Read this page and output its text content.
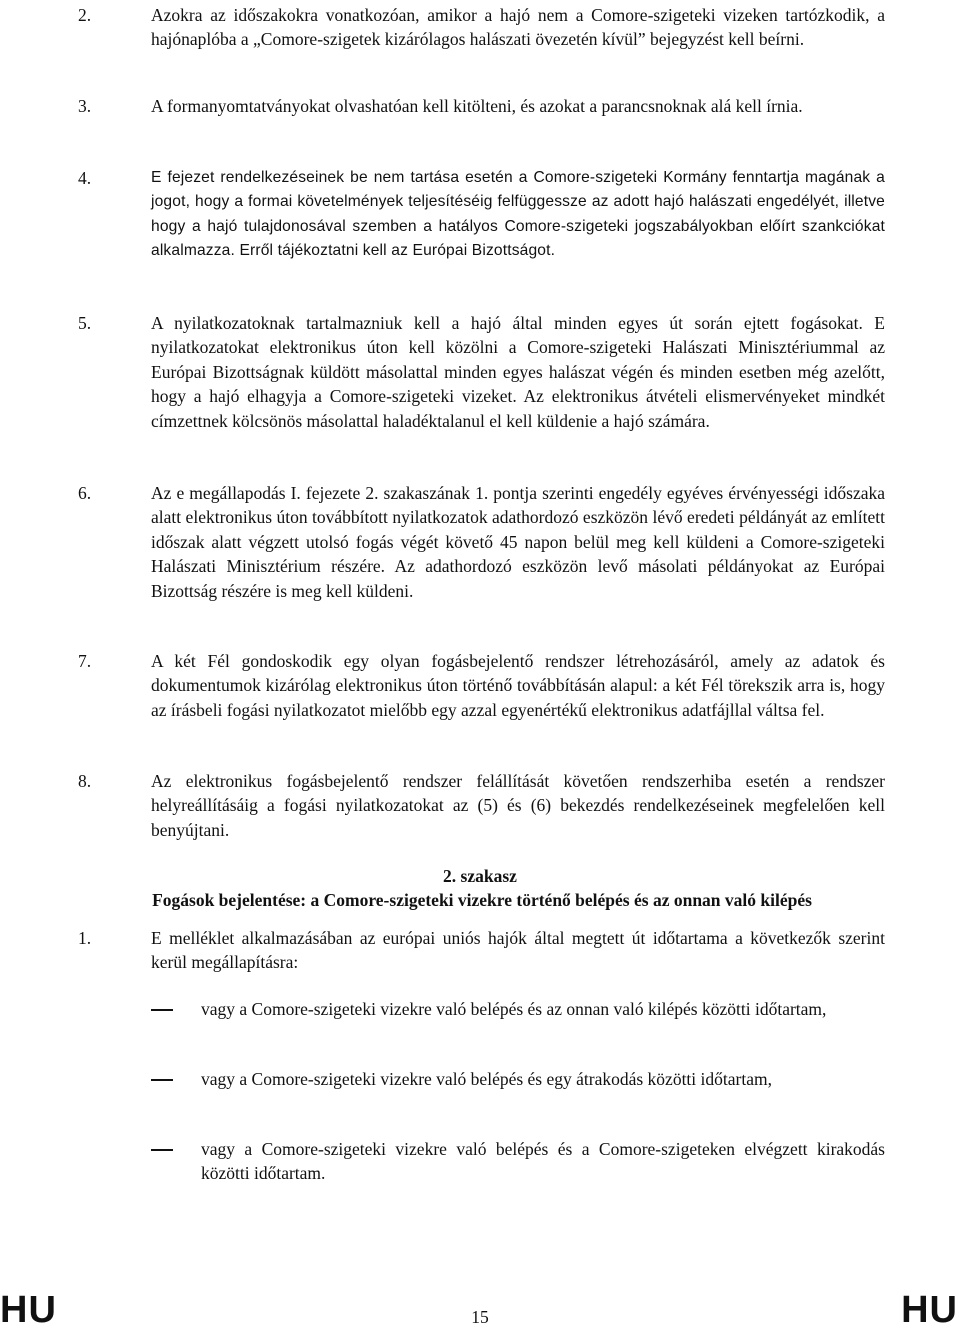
2.	Azokra az időszakokra vonatkozóan, amikor a hajó nem a Comore-szigeteki vizeken tartózkodik, a hajónaplóba a „Comore-szigetek kizárólagos halászati övezetén kívül” bejegyzést kell beírni.
3.	A formanyomtatványokat olvashatóan kell kitölteni, és azokat a parancsnoknak alá kell írnia.
4.	E fejezet rendelkezéseinek be nem tartása esetén a Comore-szigeteki Kormány fenntartja magának a jogot, hogy a formai követelmények teljesítéséig felfüggessze az adott hajó halászati engedélyét, illetve hogy a hajó tulajdonosával szemben a hatályos Comore-szigeteki jogszabályokban előírt szankciókat alkalmazza. Erről tájékoztatni kell az Európai Bizottságot.
5.	A nyilatkozatoknak tartalmazniuk kell a hajó által minden egyes út során ejtett fogásokat. E nyilatkozatokat elektronikus úton kell közölni a Comore-szigeteki Halászati Minisztériummal az Európai Bizottságnak küldött másolattal minden egyes halászat végén és minden esetben még azelőtt, hogy a hajó elhagyja a Comore-szigeteki vizeket. Az elektronikus átvételi elismervényeket mindkét címzettnek kölcsönös másolattal haladéktalanul el kell küldenie a hajó számára.
6.	Az e megállapodás I. fejezete 2. szakaszának 1. pontja szerinti engedély egyéves érvényességi időszaka alatt elektronikus úton továbbított nyilatkozatok adathordozó eszközön lévő eredeti példányát az említett időszak alatt végzett utolsó fogás végét követő 45 napon belül meg kell küldeni a Comore-szigeteki Halászati Minisztérium részére. Az adathordozó eszközön levő másolati példányokat az Európai Bizottság részére is meg kell küldeni.
7.	A két Fél gondoskodik egy olyan fogásbejelentő rendszer létrehozásáról, amely az adatok és dokumentumok kizárólag elektronikus úton történő továbbításán alapul: a két Fél törekszik arra is, hogy az írásbeli fogási nyilatkozatot mielőbb egy azzal egyenértékű elektronikus adatfájllal váltsa fel.
8.	Az elektronikus fogásbejelentő rendszer felállítását követően rendszerhiba esetén a rendszer helyreállításáig a fogási nyilatkozatokat az (5) és (6) bekezdés rendelkezéseinek megfelelően kell benyújtani.
2. szakasz
Fogások bejelentése: a Comore-szigeteki vizekre történő belépés és az onnan való kilépés
1.	E melléklet alkalmazásában az európai uniós hajók által megtett út időtartama a következők szerint kerül megállapításra:
vagy a Comore-szigeteki vizekre való belépés és az onnan való kilépés közötti időtartam,
vagy a Comore-szigeteki vizekre való belépés és egy átrakodás közötti időtartam,
vagy a Comore-szigeteki vizekre való belépés és a Comore-szigeteken elvégzett kirakodás közötti időtartam.
HU	15	HU
